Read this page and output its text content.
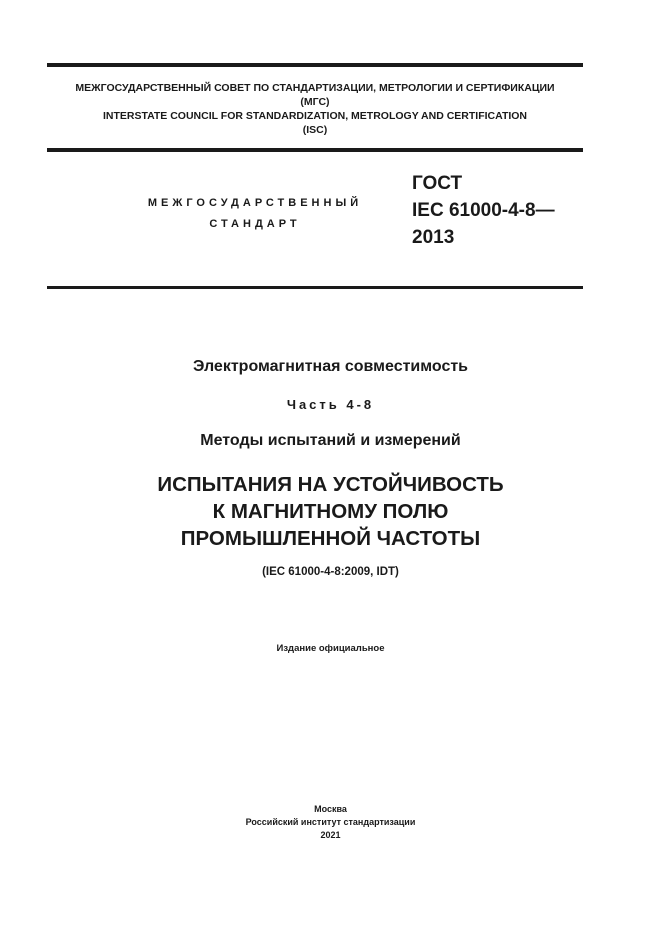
МЕЖГОСУДАРСТВЕННЫЙ СОВЕТ ПО СТАНДАРТИЗАЦИИ, МЕТРОЛОГИИ И СЕРТИФИКАЦИИ
(МГС)
INTERSTATE COUNCIL FOR STANDARDIZATION, METROLOGY AND CERTIFICATION
(ISC)
МЕЖГОСУДАРСТВЕННЫЙ
СТАНДАРТ
ГОСТ
IEC 61000-4-8—
2013
Электромагнитная совместимость
Часть 4-8
Методы испытаний и измерений
ИСПЫТАНИЯ НА УСТОЙЧИВОСТЬ
К МАГНИТНОМУ ПОЛЮ
ПРОМЫШЛЕННОЙ ЧАСТОТЫ
(IEC 61000-4-8:2009, IDT)
Издание официальное
Москва
Российский институт стандартизации
2021
